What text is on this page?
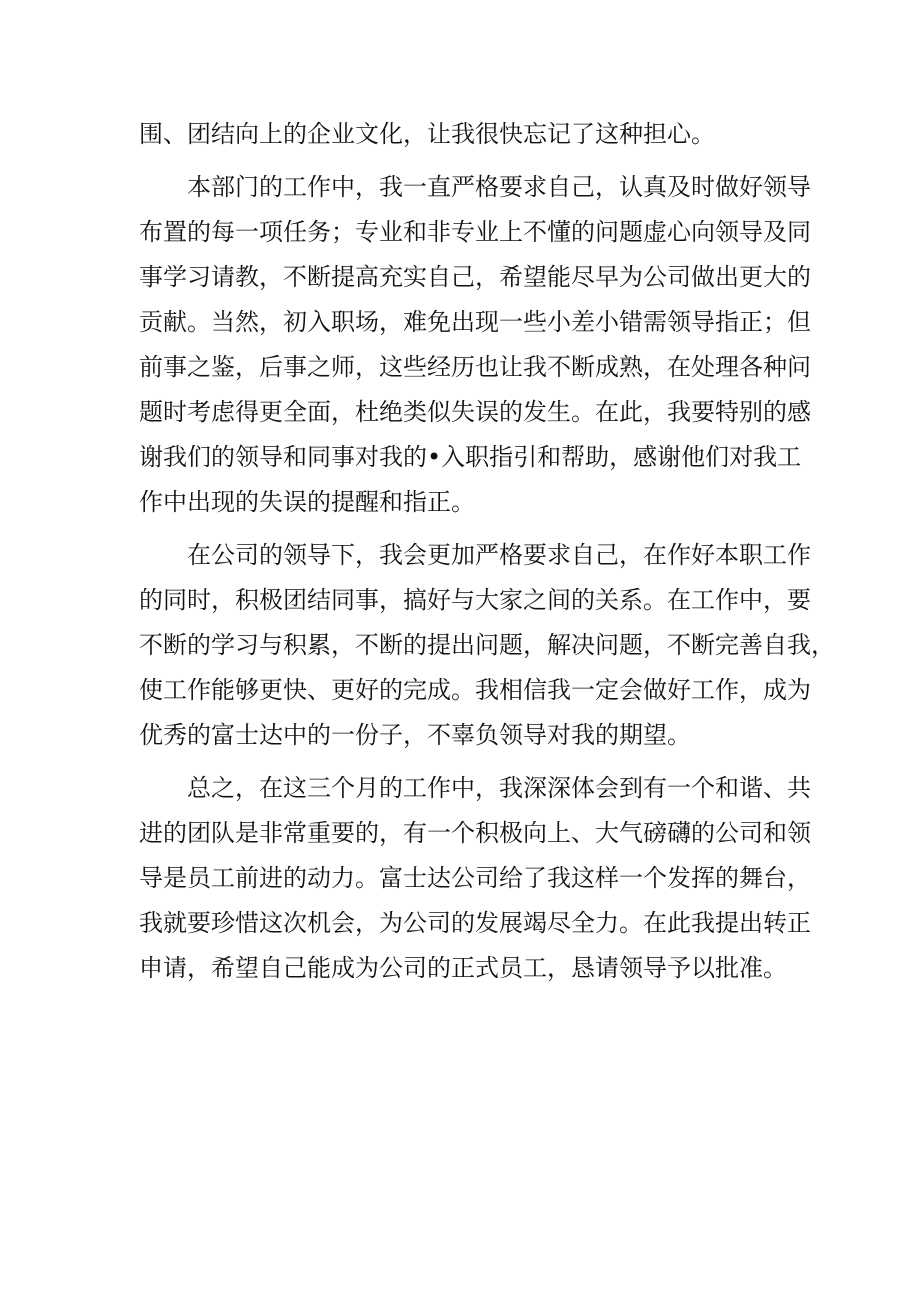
围、团结向上的企业文化，让我很快忘记了这种担心。
　　本部门的工作中，我一直严格要求自己，认真及时做好领导
布置的每一项任务；专业和非专业上不懂的问题虚心向领导及同
事学习请教，不断提高充实自己，希望能尽早为公司做出更大的
贡献。当然，初入职场，难免出现一些小差小错需领导指正；但
前事之鉴，后事之师，这些经历也让我不断成熟，在处理各种问
题时考虑得更全面，杜绝类似失误的发生。在此，我要特别的感
谢我们的领导和同事对我的•入职指引和帮助，感谢他们对我工
作中出现的失误的提醒和指正。
　　在公司的领导下，我会更加严格要求自己，在作好本职工作
的同时，积极团结同事，搞好与大家之间的关系。在工作中，要
不断的学习与积累，不断的提出问题，解决问题，不断完善自我，
使工作能够更快、更好的完成。我相信我一定会做好工作，成为
优秀的富士达中的一份子，不辜负领导对我的期望。
　　总之，在这三个月的工作中，我深深体会到有一个和谐、共
进的团队是非常重要的，有一个积极向上、大气磅礴的公司和领
导是员工前进的动力。富士达公司给了我这样一个发挥的舞台，
我就要珍惜这次机会，为公司的发展竭尽全力。在此我提出转正
申请，希望自己能成为公司的正式员工，恳请领导予以批准。
